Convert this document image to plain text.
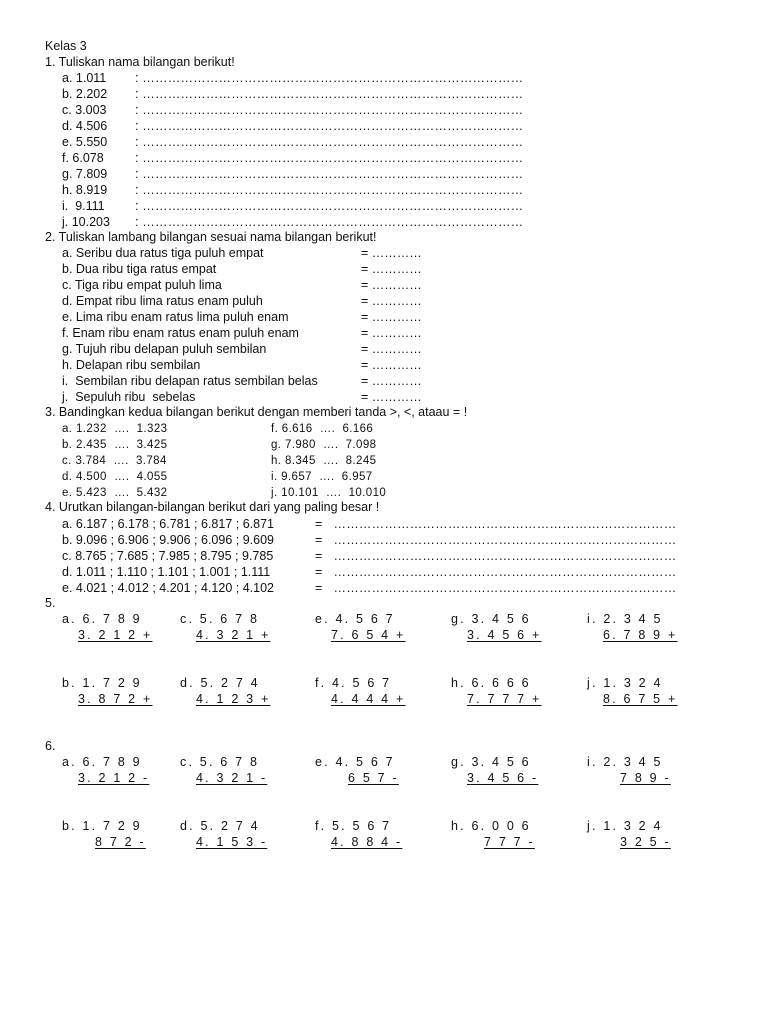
Kelas 3
1. Tuliskan nama bilangan berikut!
a. 1.011 : ………………………………………………………………………………
b. 2.202 : ………………………………………………………………………………
c. 3.003 : ………………………………………………………………………………
d. 4.506 : ………………………………………………………………………………
e. 5.550 : ………………………………………………………………………………
f. 6.078	: ………………………………………………………………………………
g. 7.809 : ………………………………………………………………………………
h. 8.919 : ………………………………………………………………………………
i.  9.111 : ………………………………………………………………………………
j. 10.203 : ………………………………………………………………………………
2. Tuliskan lambang bilangan sesuai nama bilangan berikut!
a. Seribu dua ratus tiga puluh empat	= …………
b. Dua ribu tiga ratus empat	= …………
c. Tiga ribu empat puluh lima	= …………
d. Empat ribu lima ratus enam puluh	= …………
e. Lima ribu enam ratus lima puluh enam	= …………
f. Enam ribu enam ratus enam puluh enam	= …………
g. Tujuh ribu delapan puluh sembilan	= …………
h. Delapan ribu sembilan	= …………
i.  Sembilan ribu delapan ratus sembilan belas	= …………
j.  Sepuluh ribu  sebelas	= …………
3. Bandingkan kedua bilangan berikut dengan memberi tanda >, <, ataau = !
a. 1.232  ….  1.323
b. 2.435  ….  3.425
c. 3.784  ….  3.784
d. 4.500  ….  4.055
e. 5.423  ….  5.432
f. 6.616  ….  6.166
g. 7.980  ….  7.098
h. 8.345  ….  8.245
i. 9.657  ….  6.957
j. 10.101  ….  10.010
4. Urutkan bilangan-bilangan berikut dari yang paling besar !
a. 6.187 ; 6.178 ; 6.781 ; 6.817 ; 6.871	=   ………………………………………………………………………
b. 9.096 ; 6.906 ; 9.906 ; 6.096 ; 9.609	=   ………………………………………………………………………
c. 8.765 ; 7.685 ; 7.985 ; 8.795 ; 9.785	=   ………………………………………………………………………
d. 1.011 ; 1.110 ; 1.101 ; 1.001 ; 1.111	=   ………………………………………………………………………
e. 4.021 ; 4.012 ; 4.201 ; 4.120 ; 4.102	=   ………………………………………………………………………
5.
a. 6. 7 8 9
3. 2 1 2 +
c. 5. 6 7 8
4. 3 2 1 +
e. 4. 5 6 7
7. 6 5 4 +
g. 3. 4 5 6
3. 4 5 6 +
i. 2. 3 4 5
6. 7 8 9 +
b. 1. 7 2 9
3. 8 7 2 +
d. 5. 2 7 4
4. 1 2 3 +
f. 4. 5 6 7
4. 4 4 4 +
h. 6. 6 6 6
7. 7 7 7 +
j. 1. 3 2 4
8. 6 7 5 +
6.
a. 6. 7 8 9
3. 2 1 2 -
c. 5. 6 7 8
4. 3 2 1 -
e. 4. 5 6 7
6 5 7 -
g. 3. 4 5 6
3. 4 5 6 -
i. 2. 3 4 5
7 8 9 -
b. 1. 7 2 9
8 7 2 -
d. 5. 2 7 4
4. 1 5 3 -
f. 5. 5 6 7
4. 8 8 4 -
h. 6. 0 0 6
7 7 7 -
j. 1. 3 2 4
3 2 5 -
